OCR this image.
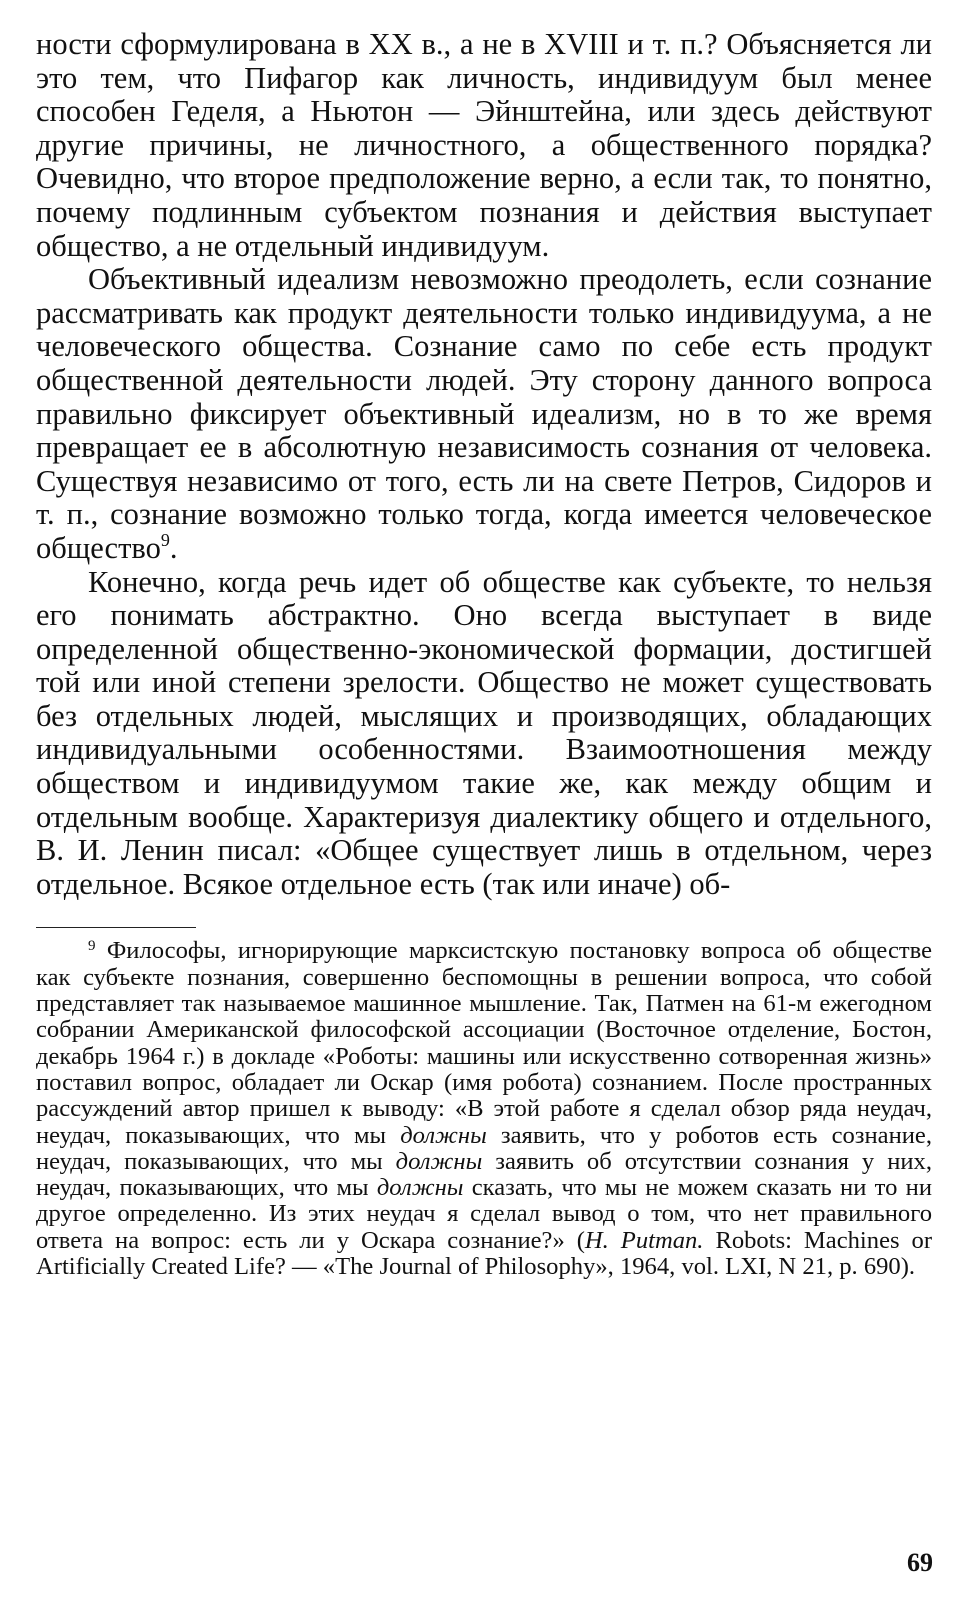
ности сформулирована в XX в., а не в XVIII и т. п.? Объясняется ли это тем, что Пифагор как личность, индивидуум был менее способен Геделя, а Ньютон — Эйнштейна, или здесь действуют другие причины, не личностного, а общественного порядка? Очевидно, что второе предположение верно, а если так, то понятно, почему подлинным субъектом познания и действия выступает общество, а не отдельный индивидуум.

Объективный идеализм невозможно преодолеть, если сознание рассматривать как продукт деятельности только индивидуума, а не человеческого общества. Сознание само по себе есть продукт общественной деятельности людей. Эту сторону данного вопроса правильно фиксирует объективный идеализм, но в то же время превращает ее в абсолютную независимость сознания от человека. Существуя независимо от того, есть ли на свете Петров, Сидоров и т. п., сознание возможно только тогда, когда имеется человеческое общество$^9$.

Конечно, когда речь идет об обществе как субъекте, то нельзя его понимать абстрактно. Оно всегда выступает в виде определенной общественно-экономической формации, достигшей той или иной степени зрелости. Общество не может существовать без отдельных людей, мыслящих и производящих, обладающих индивидуальными особенностями. Взаимоотношения между обществом и индивидуумом такие же, как между общим и отдельным вообще. Характеризуя диалектику общего и отдельного, В. И. Ленин писал: «Общее существует лишь в отдельном, через отдельное. Всякое отдельное есть (так или иначе) об-

$^9$ Философы, игнорирующие марксистскую постановку вопроса об обществе как субъекте познания, совершенно беспомощны в решении вопроса, что собой представляет так называемое машинное мышление. Так, Патмен на 61-м ежегодном собрании Американской философской ассоциации (Восточное отделение, Бостон, декабрь 1964 г.) в докладе «Роботы: машины или искусственно сотворенная жизнь» поставил вопрос, обладает ли Оскар (имя робота) сознанием. После пространных рассуждений автор пришел к выводу: «В этой работе я сделал обзор ряда неудач, неудач, показывающих, что мы должны заявить, что у роботов есть сознание, неудач, показывающих, что мы должны заявить об отсутствии сознания у них, неудач, показывающих, что мы должны сказать, что мы не можем сказать ни то ни другое определенно. Из этих неудач я сделал вывод о том, что нет правильного ответа на вопрос: есть ли у Оскара сознание?» (H. Putman. Robots: Machines or Artificially Created Life? — «The Journal of Philosophy», 1964, vol. LXI, N 21, p. 690).

69
